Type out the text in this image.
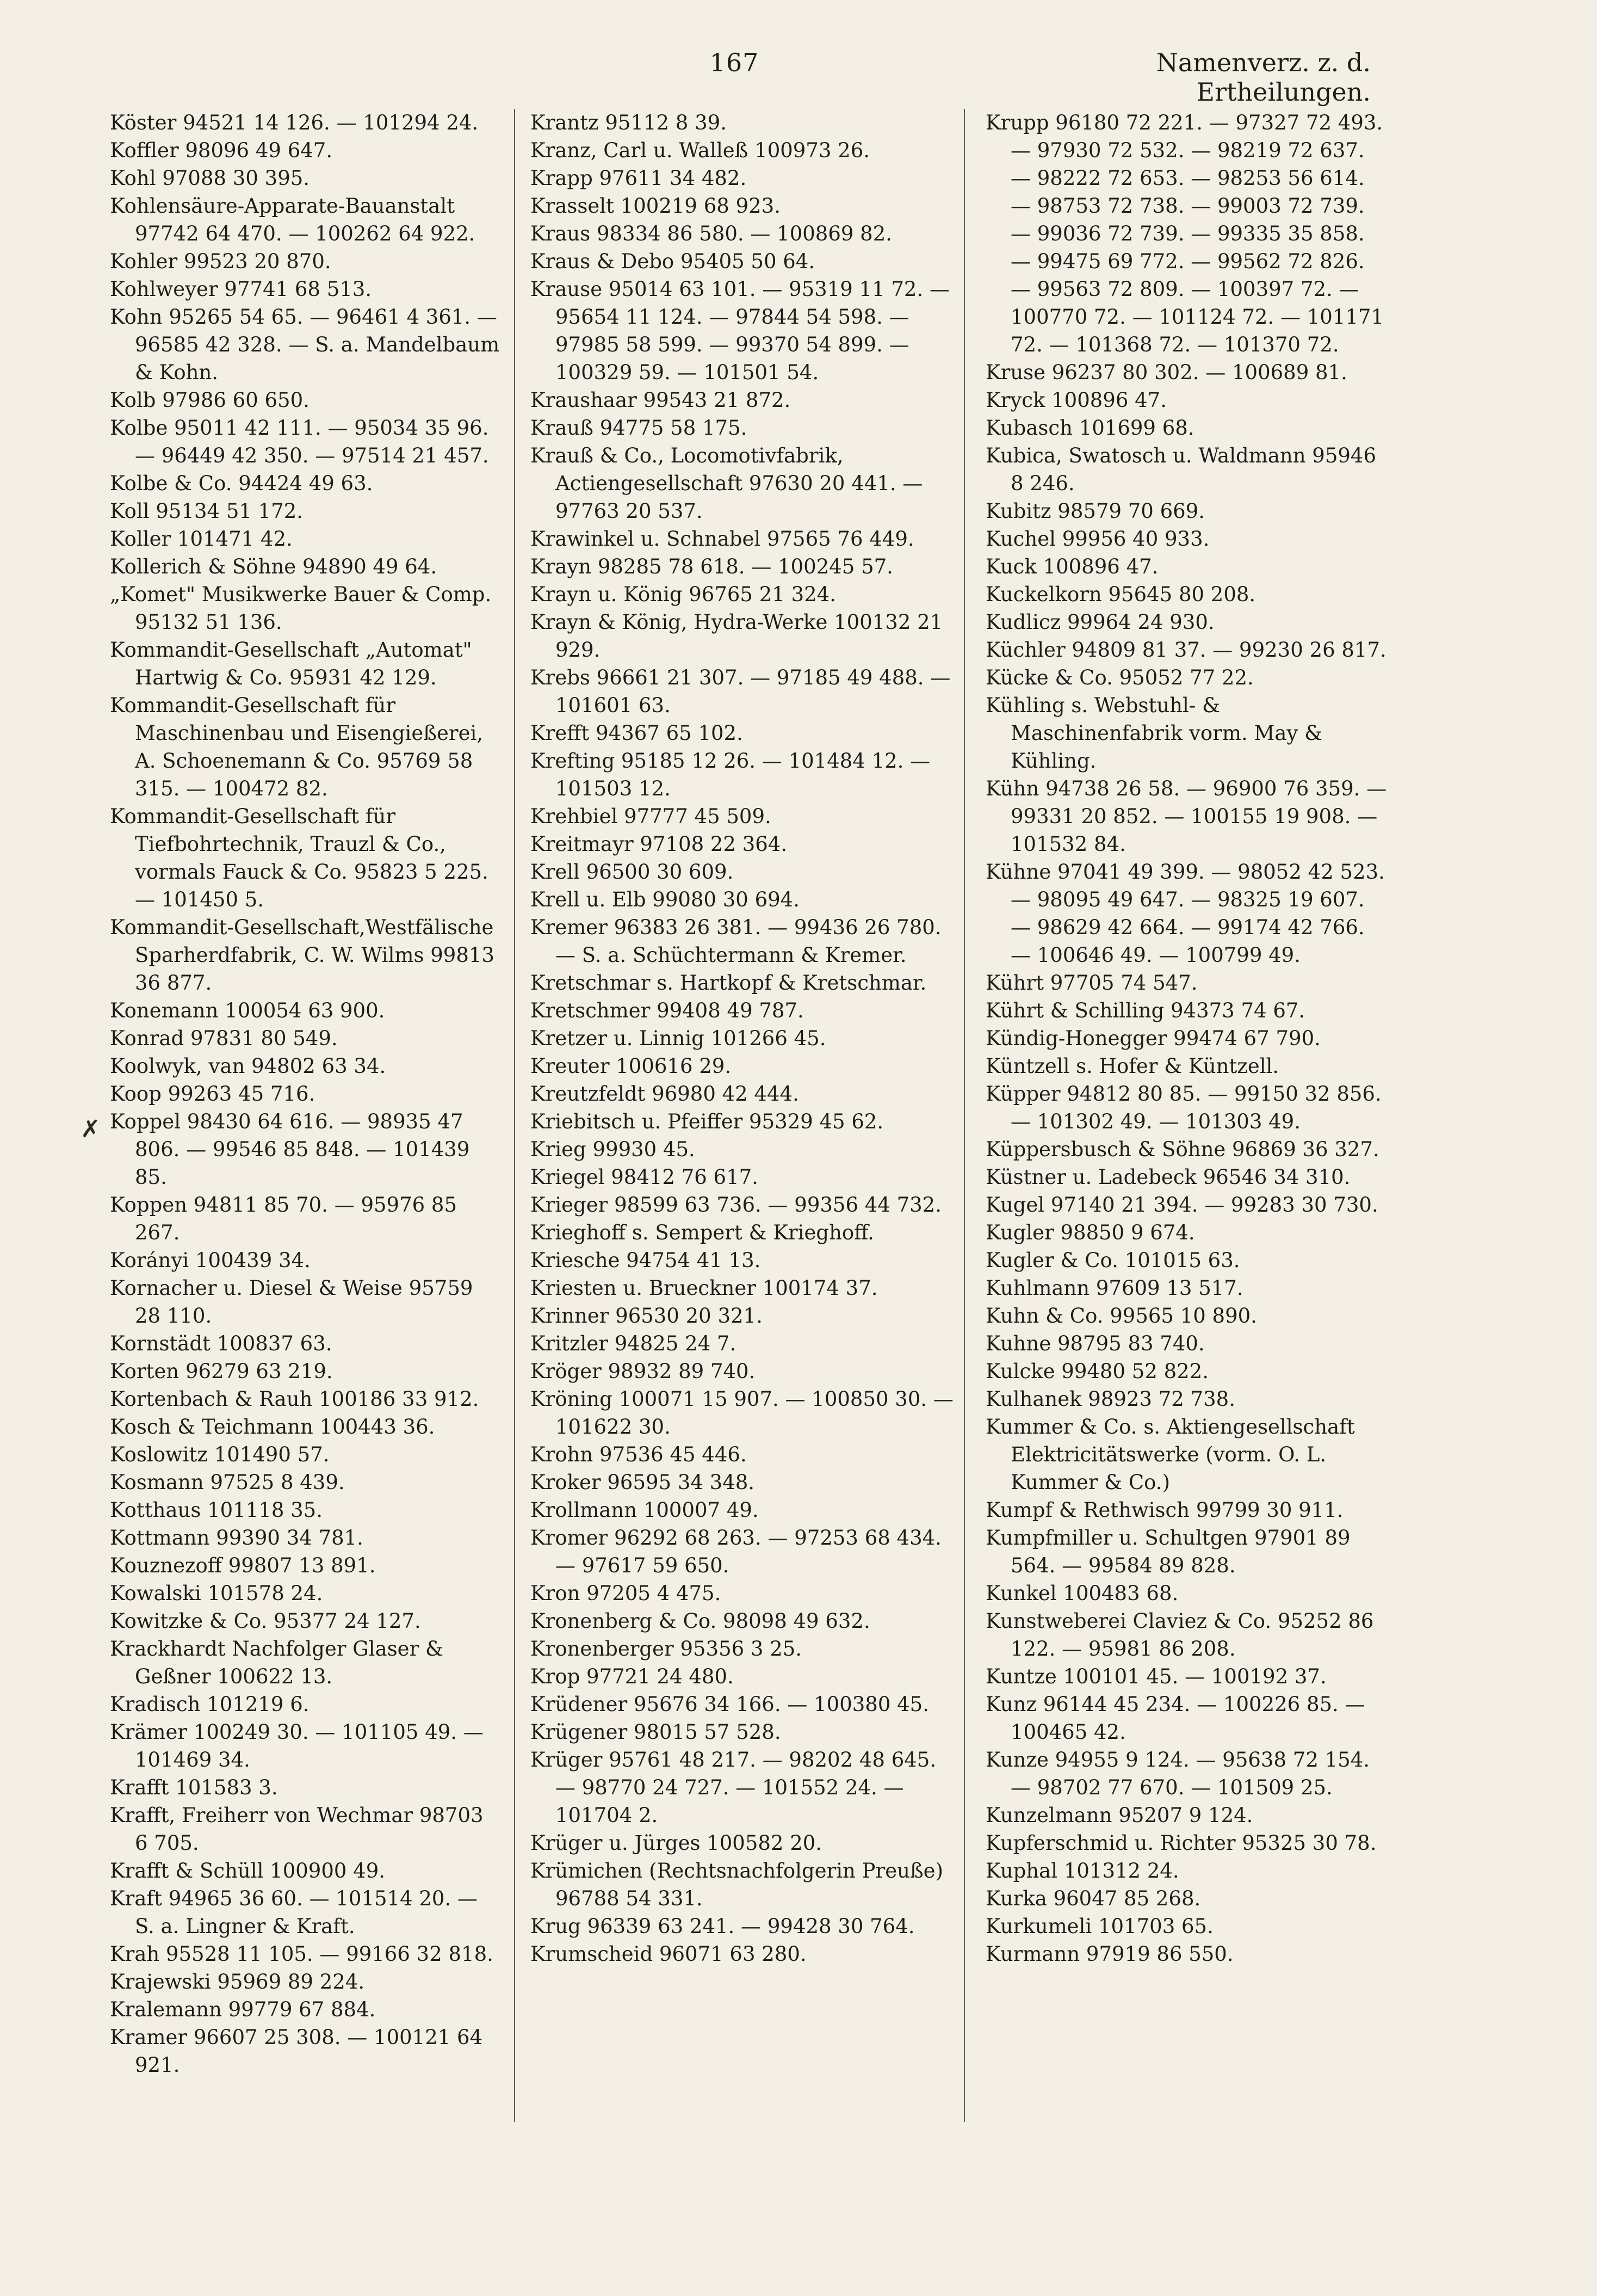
167	Namenverz. z. d. Ertheilungen.
✗
Köster 94521 14 126. — 101294 24.
Koffler 98096 49 647.
Kohl 97088 30 395.
Kohlensäure-Apparate-Bauanstalt 97742 64 470. — 100262 64 922.
Kohler 99523 20 870.
Kohlweyer 97741 68 513.
Kohn 95265 54 65. — 96461 4 361. — 96585 42 328. — S. a. Mandelbaum & Kohn.
Kolb 97986 60 650.
Kolbe 95011 42 111. — 95034 35 96. — 96449 42 350. — 97514 21 457.
Kolbe & Co. 94424 49 63.
Koll 95134 51 172.
Koller 101471 42.
Kollerich & Söhne 94890 49 64.
„Komet" Musikwerke Bauer & Comp. 95132 51 136.
Kommandit-Gesellschaft „Automat" Hartwig & Co. 95931 42 129.
Kommandit-Gesellschaft für Maschinenbau und Eisengießerei, A. Schoenemann & Co. 95769 58 315. — 100472 82.
Kommandit-Gesellschaft für Tiefbohrtechnik, Trauzl & Co., vormals Fauck & Co. 95823 5 225. — 101450 5.
Kommandit-Gesellschaft,Westfälische Sparherdfabrik, C. W. Wilms 99813 36 877.
Konemann 100054 63 900.
Konrad 97831 80 549.
Koolwyk, van 94802 63 34.
Koop 99263 45 716.
Koppel 98430 64 616. — 98935 47 806. — 99546 85 848. — 101439 85.
Koppen 94811 85 70. — 95976 85 267.
Korányi 100439 34.
Kornacher u. Diesel & Weise 95759 28 110.
Kornstädt 100837 63.
Korten 96279 63 219.
Kortenbach & Rauh 100186 33 912.
Kosch & Teichmann 100443 36.
Koslowitz 101490 57.
Kosmann 97525 8 439.
Kotthaus 101118 35.
Kottmann 99390 34 781.
Kouznezoff 99807 13 891.
Kowalski 101578 24.
Kowitzke & Co. 95377 24 127.
Krackhardt Nachfolger Glaser & Geßner 100622 13.
Kradisch 101219 6.
Krämer 100249 30. — 101105 49. — 101469 34.
Krafft 101583 3.
Krafft, Freiherr von Wechmar 98703 6 705.
Krafft & Schüll 100900 49.
Kraft 94965 36 60. — 101514 20. — S. a. Lingner & Kraft.
Krah 95528 11 105. — 99166 32 818.
Krajewski 95969 89 224.
Kralemann 99779 67 884.
Kramer 96607 25 308. — 100121 64 921.
Krantz 95112 8 39.
Kranz, Carl u. Walleß 100973 26.
Krapp 97611 34 482.
Krasselt 100219 68 923.
Kraus 98334 86 580. — 100869 82.
Kraus & Debo 95405 50 64.
Krause 95014 63 101. — 95319 11 72. — 95654 11 124. — 97844 54 598. — 97985 58 599. — 99370 54 899. — 100329 59. — 101501 54.
Kraushaar 99543 21 872.
Krauß 94775 58 175.
Krauß & Co., Locomotivfabrik, Actiengesellschaft 97630 20 441. — 97763 20 537.
Krawinkel u. Schnabel 97565 76 449.
Krayn 98285 78 618. — 100245 57.
Krayn u. König 96765 21 324.
Krayn & König, Hydra-Werke 100132 21 929.
Krebs 96661 21 307. — 97185 49 488. — 101601 63.
Krefft 94367 65 102.
Krefting 95185 12 26. — 101484 12. — 101503 12.
Krehbiel 97777 45 509.
Kreitmayr 97108 22 364.
Krell 96500 30 609.
Krell u. Elb 99080 30 694.
Kremer 96383 26 381. — 99436 26 780. — S. a. Schüchtermann & Kremer.
Kretschmar s. Hartkopf & Kretschmar.
Kretschmer 99408 49 787.
Kretzer u. Linnig 101266 45.
Kreuter 100616 29.
Kreutzfeldt 96980 42 444.
Kriebitsch u. Pfeiffer 95329 45 62.
Krieg 99930 45.
Kriegel 98412 76 617.
Krieger 98599 63 736. — 99356 44 732.
Krieghoff s. Sempert & Krieghoff.
Kriesche 94754 41 13.
Kriesten u. Brueckner 100174 37.
Krinner 96530 20 321.
Kritzler 94825 24 7.
Kröger 98932 89 740.
Kröning 100071 15 907. — 100850 30. — 101622 30.
Krohn 97536 45 446.
Kroker 96595 34 348.
Krollmann 100007 49.
Kromer 96292 68 263. — 97253 68 434. — 97617 59 650.
Kron 97205 4 475.
Kronenberg & Co. 98098 49 632.
Kronenberger 95356 3 25.
Krop 97721 24 480.
Krüdener 95676 34 166. — 100380 45.
Krügener 98015 57 528.
Krüger 95761 48 217. — 98202 48 645. — 98770 24 727. — 101552 24. — 101704 2.
Krüger u. Jürges 100582 20.
Krümichen (Rechtsnachfolgerin Preuße) 96788 54 331.
Krug 96339 63 241. — 99428 30 764.
Krumscheid 96071 63 280.
Krupp 96180 72 221. — 97327 72 493. — 97930 72 532. — 98219 72 637. — 98222 72 653. — 98253 56 614. — 98753 72 738. — 99003 72 739. — 99036 72 739. — 99335 35 858. — 99475 69 772. — 99562 72 826. — 99563 72 809. — 100397 72. — 100770 72. — 101124 72. — 101171 72. — 101368 72. — 101370 72.
Kruse 96237 80 302. — 100689 81.
Kryck 100896 47.
Kubasch 101699 68.
Kubica, Swatosch u. Waldmann 95946 8 246.
Kubitz 98579 70 669.
Kuchel 99956 40 933.
Kuck 100896 47.
Kuckelkorn 95645 80 208.
Kudlicz 99964 24 930.
Küchler 94809 81 37. — 99230 26 817.
Kücke & Co. 95052 77 22.
Kühling s. Webstuhl- & Maschinenfabrik vorm. May & Kühling.
Kühn 94738 26 58. — 96900 76 359. — 99331 20 852. — 100155 19 908. — 101532 84.
Kühne 97041 49 399. — 98052 42 523. — 98095 49 647. — 98325 19 607. — 98629 42 664. — 99174 42 766. — 100646 49. — 100799 49.
Kührt 97705 74 547.
Kührt & Schilling 94373 74 67.
Kündig-Honegger 99474 67 790.
Küntzell s. Hofer & Küntzell.
Küpper 94812 80 85. — 99150 32 856. — 101302 49. — 101303 49.
Küppersbusch & Söhne 96869 36 327.
Küstner u. Ladebeck 96546 34 310.
Kugel 97140 21 394. — 99283 30 730.
Kugler 98850 9 674.
Kugler & Co. 101015 63.
Kuhlmann 97609 13 517.
Kuhn & Co. 99565 10 890.
Kuhne 98795 83 740.
Kulcke 99480 52 822.
Kulhanek 98923 72 738.
Kummer & Co. s. Aktiengesellschaft Elektricitätswerke (vorm. O. L. Kummer & Co.)
Kumpf & Rethwisch 99799 30 911.
Kumpfmiller u. Schultgen 97901 89 564. — 99584 89 828.
Kunkel 100483 68.
Kunstweberei Claviez & Co. 95252 86 122. — 95981 86 208.
Kuntze 100101 45. — 100192 37.
Kunz 96144 45 234. — 100226 85. — 100465 42.
Kunze 94955 9 124. — 95638 72 154. — 98702 77 670. — 101509 25.
Kunzelmann 95207 9 124.
Kupferschmid u. Richter 95325 30 78.
Kuphal 101312 24.
Kurka 96047 85 268.
Kurkumeli 101703 65.
Kurmann 97919 86 550.
